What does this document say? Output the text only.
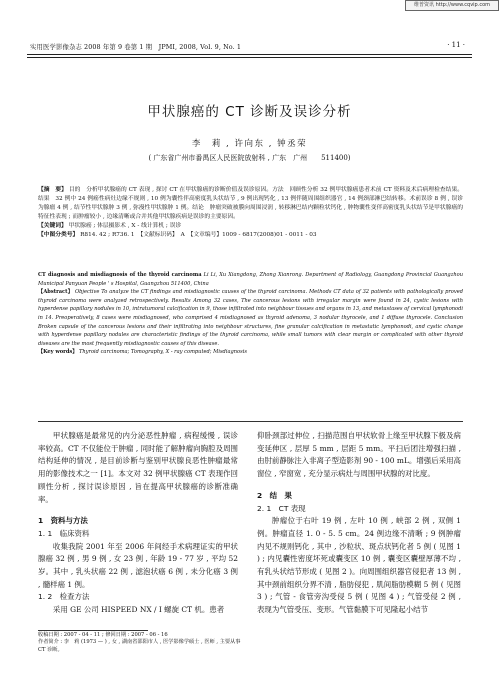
维普资讯 http://www.cqvip.com
实用医学影像杂志 2008 年第 9 卷第 1 期　JPMI, 2008, Vol. 9, No. 1	· 11 ·
甲状腺癌的 CT 诊断及误诊分析
李　莉 , 许向东 , 钟丞荣
( 广东省广州市番禺区人民医院放射科 , 广东　广州　　511400)

【摘　要】 目的　分析甲状腺癌的 CT 表现 , 探讨 CT 在甲状腺癌的诊断价值及误诊原因。方法　回顾性分析 32 例甲状腺癌患者术前 CT 资料及术后病理检查结果。结果　32 例中 24 例癌性病灶边缘不规则 , 10 例为囊性伴高密度乳头状结节 , 9 例出现钙化 , 13 例伴随周围组织器官 , 14 例颈部淋巴结转移。术前误诊 8 例 , 误诊为腺瘤 4 例 , 结节性甲状腺肿 3 例 , 弥漫性甲状腺肿 1 例。结论　肿瘤突破被膜向周围浸润 , 转移淋巴结内颗粒状钙化 , 肿物囊性变伴高密度乳头状结节是甲状腺癌的特征性表现 ; 而肿瘤较小 , 边缘清晰或合并其他甲状腺疾病是误诊的主要原因。

【关键词】 甲状腺癌 ; 体层摄影术 , X - 线计算机 ; 误诊

【中图分类号】 R814. 42 ; R736. 1　【文献标识码】　A　【文章编号】1009 - 6817(2008)01 - 0011 - 03

CT diagnosis and misdiagnosis of the thyroid carcinoma Li Li, Xu Xiangdong, Zhong Xianrong. Department of Radiology, Guangdong Provincial Guangzhou Municipal Panyuan People ' s Hospital, Guangzhou 511400, China

【Abstract】 Objective To analyze the CT findings and misdiagnostic causes of the thyroid carcinoma. Methods CT data of 32 patients with pathologically proved thyroid carcinoma were analyzed retrospectively. Results Among 32 cases, The cancerous lesions with irregular margin were found in 24, cystic lesions with hyperdense papillary nodules in 10, intratumoral calcification in 9, those infiltrated into neighbour tissues and organs in 13, and metastases of cervical lymphonodi in 14. Preoperatively, 8 cases were misdiagnosed, who comprised 4 misdiagnosed as thyroid adenoma, 3 nodular thyrocele, and 1 diffuse thyrocele. Conclusion Broken capsule of the cancerous lesions and their infiltrating into neighbour structures, fine granular calcification in metastatic lymphonodi, and cystic change with hyperdense papillary nodules are characteristic findings of the thyroid carcinoma, while small tumors with clear margin or complicated with other thyroid diseases are the most frequently misdiagnostic causes of this disease.

【Key words】 Thyroid carcinoma; Tomography, X - ray computed; Misdiagnosis

甲状腺癌是最常见的内分泌恶性肿瘤 , 病程缓慢 , 误诊率较高。CT 不仅能位于肿瘤 , 同时能了解肿瘤向胸腔及周围结构延伸的情况 , 是目前诊断与鉴别甲状腺良恶性肿瘤最常用的影像技术之一 [1]。本文对 32 例甲状腺癌 CT 表现作回顾性分析 , 探讨误诊原因 , 旨在提高甲状腺癌的诊断准确率。

1　资料与方法

1. 1　临床资料

收集我院 2001 年至 2006 年间经手术病理证实的甲状腺癌 32 例 , 男 9 例 , 女 23 例 , 年龄 19 - 77 岁 , 平均 52 岁。其中 , 乳头状癌 22 例 , 滤泡状癌 6 例 , 未分化癌 3 例 , 髓样癌 1 例。

1. 2　检查方法

采用 GE 公司 HISPEED NX / I 螺旋 CT 机。患者

仰卧颈部过伸位 , 扫描范围自甲状软骨上缘至甲状腺下极及病变延伸区 , 层厚 5 mm , 层距 5 mm。平扫后团注增强扫描 , 由肘前静脉注入非离子型造影剂 90 - 100 mL。增强后采用高窗位 , 窄窗宽 , 充分显示病灶与周围甲状腺的对比度。

2　结　果

2. 1　CT 表现

肿瘤位于右叶 19 例 , 左叶 10 例 , 峡部 2 例 , 双侧 1 例。肿瘤直径 1. 0 - 5. 5 cm。24 例边缘不清晰 ; 9 例肿瘤内见不规则钙化 , 其中 , 沙粒状、斑点状钙化者 5 例 ( 见图 1 ) ; 内见囊性密度坏死或囊变区 10 例 , 囊变区囊壁厚薄不均 , 有乳头状结节形成 ( 见图 2 )。向周围组织器官侵犯者 13 例 , 其中颈前组织分界不清 , 脂肪侵犯 , 肌间脂肪模糊 5 例 ( 见图 3 ) ; 气管 - 食管旁沟受侵 5 例 ( 见图 4 ) ; 气管受侵 2 例 , 表现为气管受压、变形。气管黏膜下可见隆起小结节

收稿日期 : 2007 - 04 - 11 ; 修回日期 : 2007 - 06 - 16

作者简介 : 李　莉 (1973 — ) , 女 , 湖南省邵阳市人 , 医学影像学硕士 , 医师 , 主要从事 CT 诊断。
